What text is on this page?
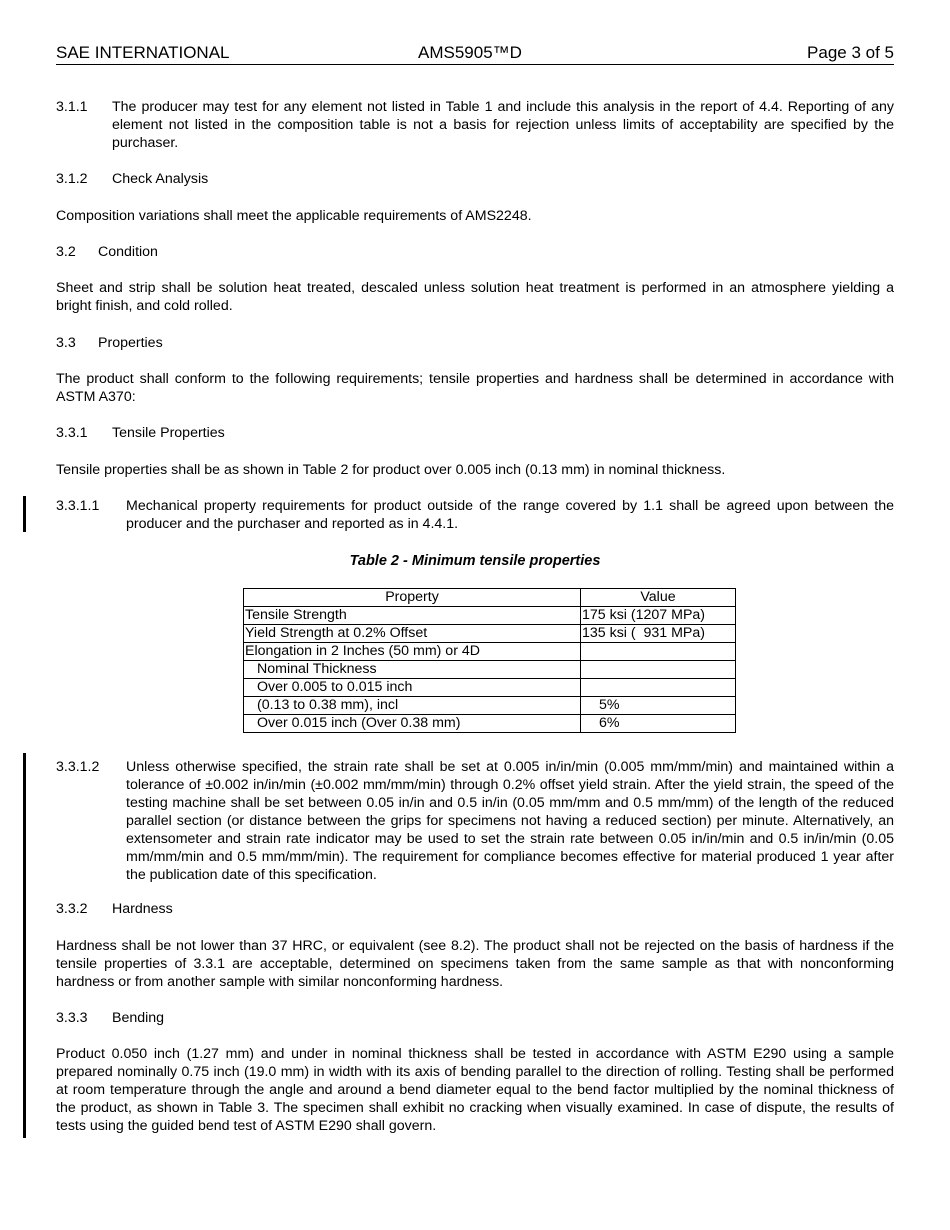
SAE INTERNATIONAL	AMS5905™D	Page 3 of 5
3.1.1 The producer may test for any element not listed in Table 1 and include this analysis in the report of 4.4. Reporting of any element not listed in the composition table is not a basis for rejection unless limits of acceptability are specified by the purchaser.
3.1.2 Check Analysis

Composition variations shall meet the applicable requirements of AMS2248.

3.2 Condition

Sheet and strip shall be solution heat treated, descaled unless solution heat treatment is performed in an atmosphere yielding a bright finish, and cold rolled.

3.3 Properties

The product shall conform to the following requirements; tensile properties and hardness shall be determined in accordance with ASTM A370:

3.3.1 Tensile Properties

Tensile properties shall be as shown in Table 2 for product over 0.005 inch (0.13 mm) in nominal thickness.

3.3.1.1 Mechanical property requirements for product outside of the range covered by 1.1 shall be agreed upon between the producer and the purchaser and reported as in 4.4.1.
Table 2 - Minimum tensile properties
Property	Value
Tensile Strength	175 ksi (1207 MPa)
Yield Strength at 0.2% Offset	135 ksi (  931 MPa)
Elongation in 2 Inches (50 mm) or 4D	
Nominal Thickness	
Over 0.005 to 0.015 inch	
(0.13 to 0.38 mm), incl	5%
Over 0.015 inch (Over 0.38 mm)	6%
3.3.1.2 Unless otherwise specified, the strain rate shall be set at 0.005 in/in/min (0.005 mm/mm/min) and maintained within a tolerance of ±0.002 in/in/min (±0.002 mm/mm/min) through 0.2% offset yield strain. After the yield strain, the speed of the testing machine shall be set between 0.05 in/in and 0.5 in/in (0.05 mm/mm and 0.5 mm/mm) of the length of the reduced parallel section (or distance between the grips for specimens not having a reduced section) per minute. Alternatively, an extensometer and strain rate indicator may be used to set the strain rate between 0.05 in/in/min and 0.5 in/in/min (0.05 mm/mm/min and 0.5 mm/mm/min). The requirement for compliance becomes effective for material produced 1 year after the publication date of this specification.
3.3.2 Hardness

Hardness shall be not lower than 37 HRC, or equivalent (see 8.2). The product shall not be rejected on the basis of hardness if the tensile properties of 3.3.1 are acceptable, determined on specimens taken from the same sample as that with nonconforming hardness or from another sample with similar nonconforming hardness.

3.3.3 Bending

Product 0.050 inch (1.27 mm) and under in nominal thickness shall be tested in accordance with ASTM E290 using a sample prepared nominally 0.75 inch (19.0 mm) in width with its axis of bending parallel to the direction of rolling. Testing shall be performed at room temperature through the angle and around a bend diameter equal to the bend factor multiplied by the nominal thickness of the product, as shown in Table 3. The specimen shall exhibit no cracking when visually examined. In case of dispute, the results of tests using the guided bend test of ASTM E290 shall govern.
